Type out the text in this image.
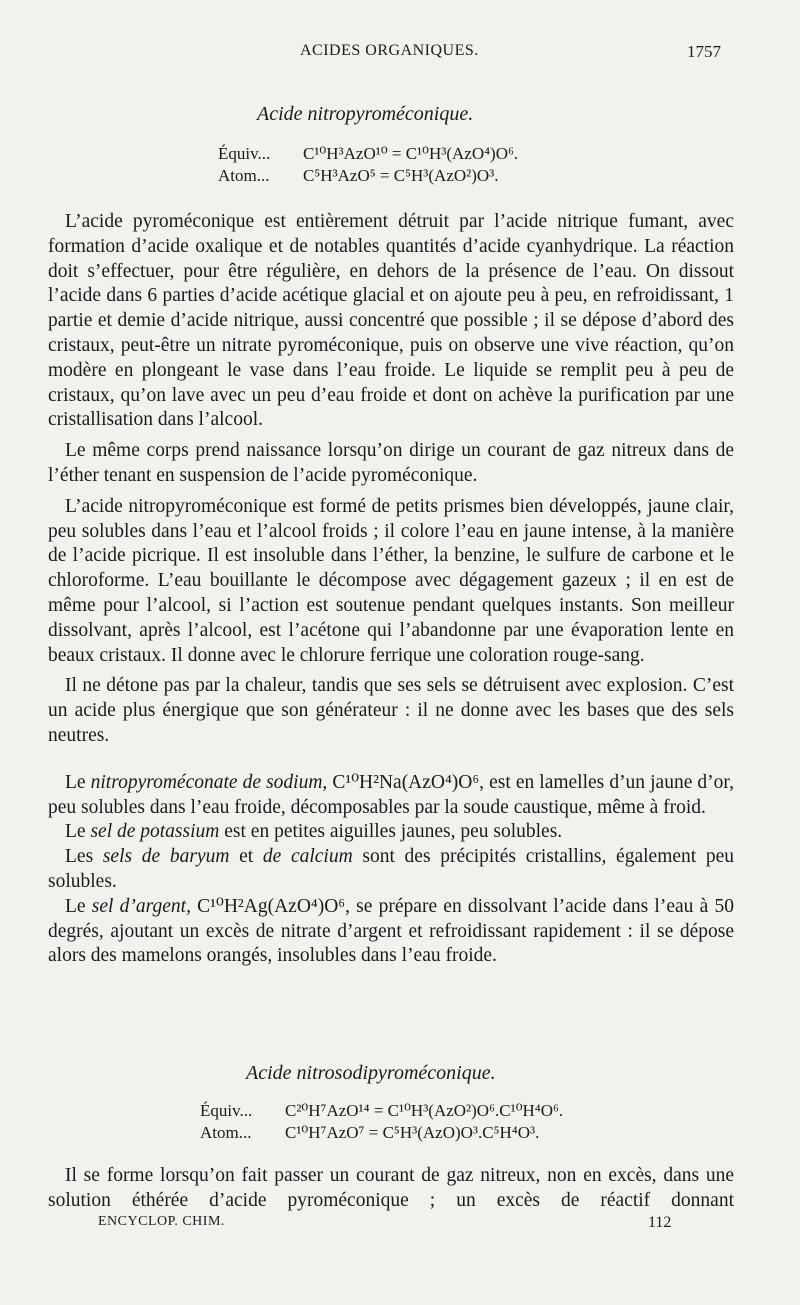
ACIDES ORGANIQUES.	1757
Acide nitropyroméconique.
Équiv... C¹⁰H³AzO¹⁰ = C¹⁰H³(AzO⁴)O⁶.
Atom... C⁵H³AzO⁵ = C⁵H³(AzO²)O³.

L’acide pyroméconique est entièrement détruit par l’acide nitrique fumant, avec formation d’acide oxalique et de notables quantités d’acide cyanhydrique. La réaction doit s’effectuer, pour être régulière, en dehors de la présence de l’eau. On dissout l’acide dans 6 parties d’acide acétique glacial et on ajoute peu à peu, en refroidissant, 1 partie et demie d’acide nitrique, aussi concentré que possible ; il se dépose d’abord des cristaux, peut-être un nitrate pyroméconique, puis on observe une vive réaction, qu’on modère en plongeant le vase dans l’eau froide. Le liquide se remplit peu à peu de cristaux, qu’on lave avec un peu d’eau froide et dont on achève la purification par une cristallisation dans l’alcool.

Le même corps prend naissance lorsqu’on dirige un courant de gaz nitreux dans de l’éther tenant en suspension de l’acide pyroméconique.

L’acide nitropyroméconique est formé de petits prismes bien développés, jaune clair, peu solubles dans l’eau et l’alcool froids ; il colore l’eau en jaune intense, à la manière de l’acide picrique. Il est insoluble dans l’éther, la benzine, le sulfure de carbone et le chloroforme. L’eau bouillante le décompose avec dégagement gazeux ; il en est de même pour l’alcool, si l’action est soutenue pendant quelques instants. Son meilleur dissolvant, après l’alcool, est l’acétone qui l’abandonne par une évaporation lente en beaux cristaux. Il donne avec le chlorure ferrique une coloration rouge-sang.

Il ne détone pas par la chaleur, tandis que ses sels se détruisent avec explosion. C’est un acide plus énergique que son générateur : il ne donne avec les bases que des sels neutres.

Le nitropyroméconate de sodium, C¹⁰H²Na(AzO⁴)O⁶, est en lamelles d’un jaune d’or, peu solubles dans l’eau froide, décomposables par la soude caustique, même à froid.

Le sel de potassium est en petites aiguilles jaunes, peu solubles.

Les sels de baryum et de calcium sont des précipités cristallins, également peu solubles.

Le sel d’argent, C¹⁰H²Ag(AzO⁴)O⁶, se prépare en dissolvant l’acide dans l’eau à 50 degrés, ajoutant un excès de nitrate d’argent et refroidissant rapidement : il se dépose alors des mamelons orangés, insolubles dans l’eau froide.

Acide nitrosodipyroméconique.
Équiv... C²⁰H⁷AzO¹⁴ = C¹⁰H³(AzO²)O⁶.C¹⁰H⁴O⁶.
Atom... C¹⁰H⁷AzO⁷ = C⁵H³(AzO)O³.C⁵H⁴O³.

Il se forme lorsqu’on fait passer un courant de gaz nitreux, non en excès, dans une solution éthérée d’acide pyroméconique ; un excès de réactif donnant

ENCYCLOP. CHIM.	112
